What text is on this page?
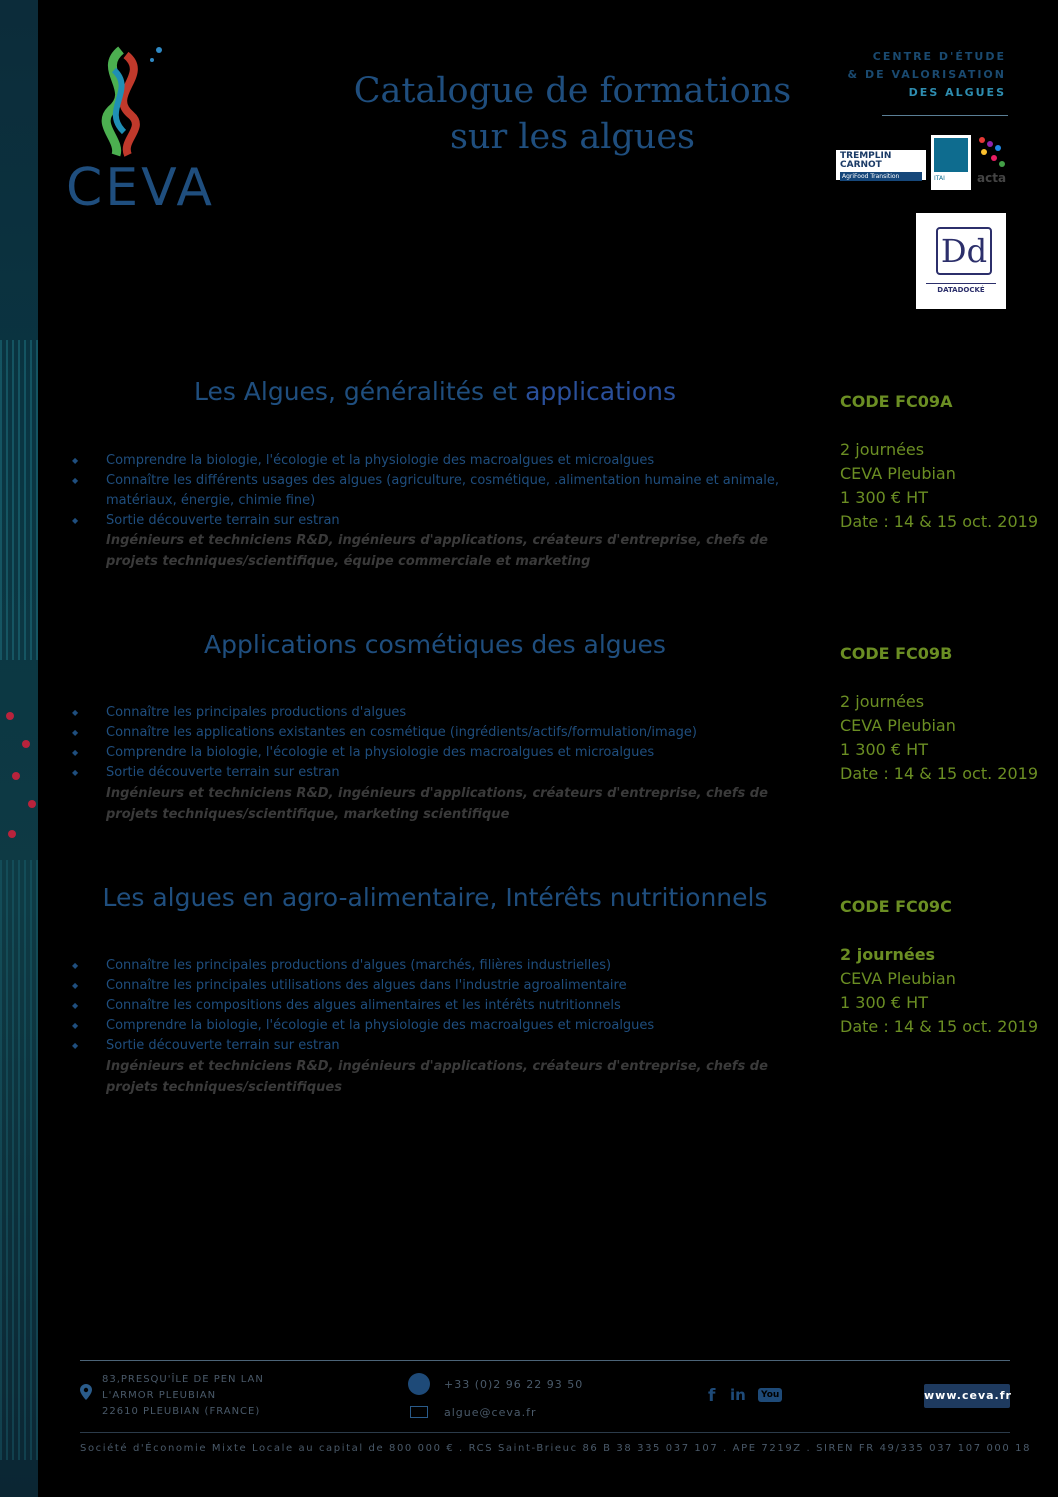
CEVA
Catalogue de formations
sur les algues
CENTRE D'ÉTUDE
& DE VALORISATION
DES ALGUES
TREMPLIN
CARNOT
AgriFood Transition	ITAI	acta
Dd
DATADOCKÉ
Les Algues, généralités et applications
◆ Comprendre la biologie, l'écologie et la physiologie des macroalgues et microalgues
◆ Connaître les différents usages des algues (agriculture, cosmétique, .alimentation humaine et animale, matériaux, énergie, chimie fine)
◆ Sortie découverte terrain sur estran
Ingénieurs et techniciens R&D, ingénieurs d'applications, créateurs d'entreprise, chefs de projets techniques/scientifique, équipe commerciale et marketing
CODE FC09A
2 journées
CEVA Pleubian
1 300 € HT
Date : 14 & 15 oct. 2019
Applications cosmétiques des algues
◆ Connaître les principales productions d'algues
◆ Connaître les applications existantes en cosmétique (ingrédients/actifs/formulation/image)
◆ Comprendre la biologie, l'écologie et la physiologie des macroalgues et microalgues
◆ Sortie découverte terrain sur estran
Ingénieurs et techniciens R&D, ingénieurs d'applications, créateurs d'entreprise, chefs de projets techniques/scientifique, marketing scientifique
CODE FC09B
2 journées
CEVA Pleubian
1 300 € HT
Date : 14 & 15 oct. 2019
Les algues en agro-alimentaire, Intérêts nutritionnels
◆ Connaître les principales productions d'algues (marchés, filières industrielles)
◆ Connaître les principales utilisations des algues dans l'industrie agroalimentaire
◆ Connaître les compositions des algues alimentaires et les intérêts nutritionnels
◆ Comprendre la biologie, l'écologie et la physiologie des macroalgues et microalgues
◆ Sortie découverte terrain sur estran
Ingénieurs et techniciens R&D, ingénieurs d'applications, créateurs d'entreprise, chefs de projets techniques/scientifiques
CODE FC09C
2 journées
CEVA Pleubian
1 300 € HT
Date : 14 & 15 oct. 2019
83,PRESQU'ÎLE DE PEN LAN
L'ARMOR PLEUBIAN
22610 PLEUBIAN (FRANCE)
+33 (0)2 96 22 93 50
algue@ceva.fr
f in	You	www.ceva.fr
Société d'Économie Mixte Locale au capital de 800 000 € . RCS Saint-Brieuc 86 B 38 335 037 107 . APE 7219Z . SIREN FR 49/335 037 107 000 18
